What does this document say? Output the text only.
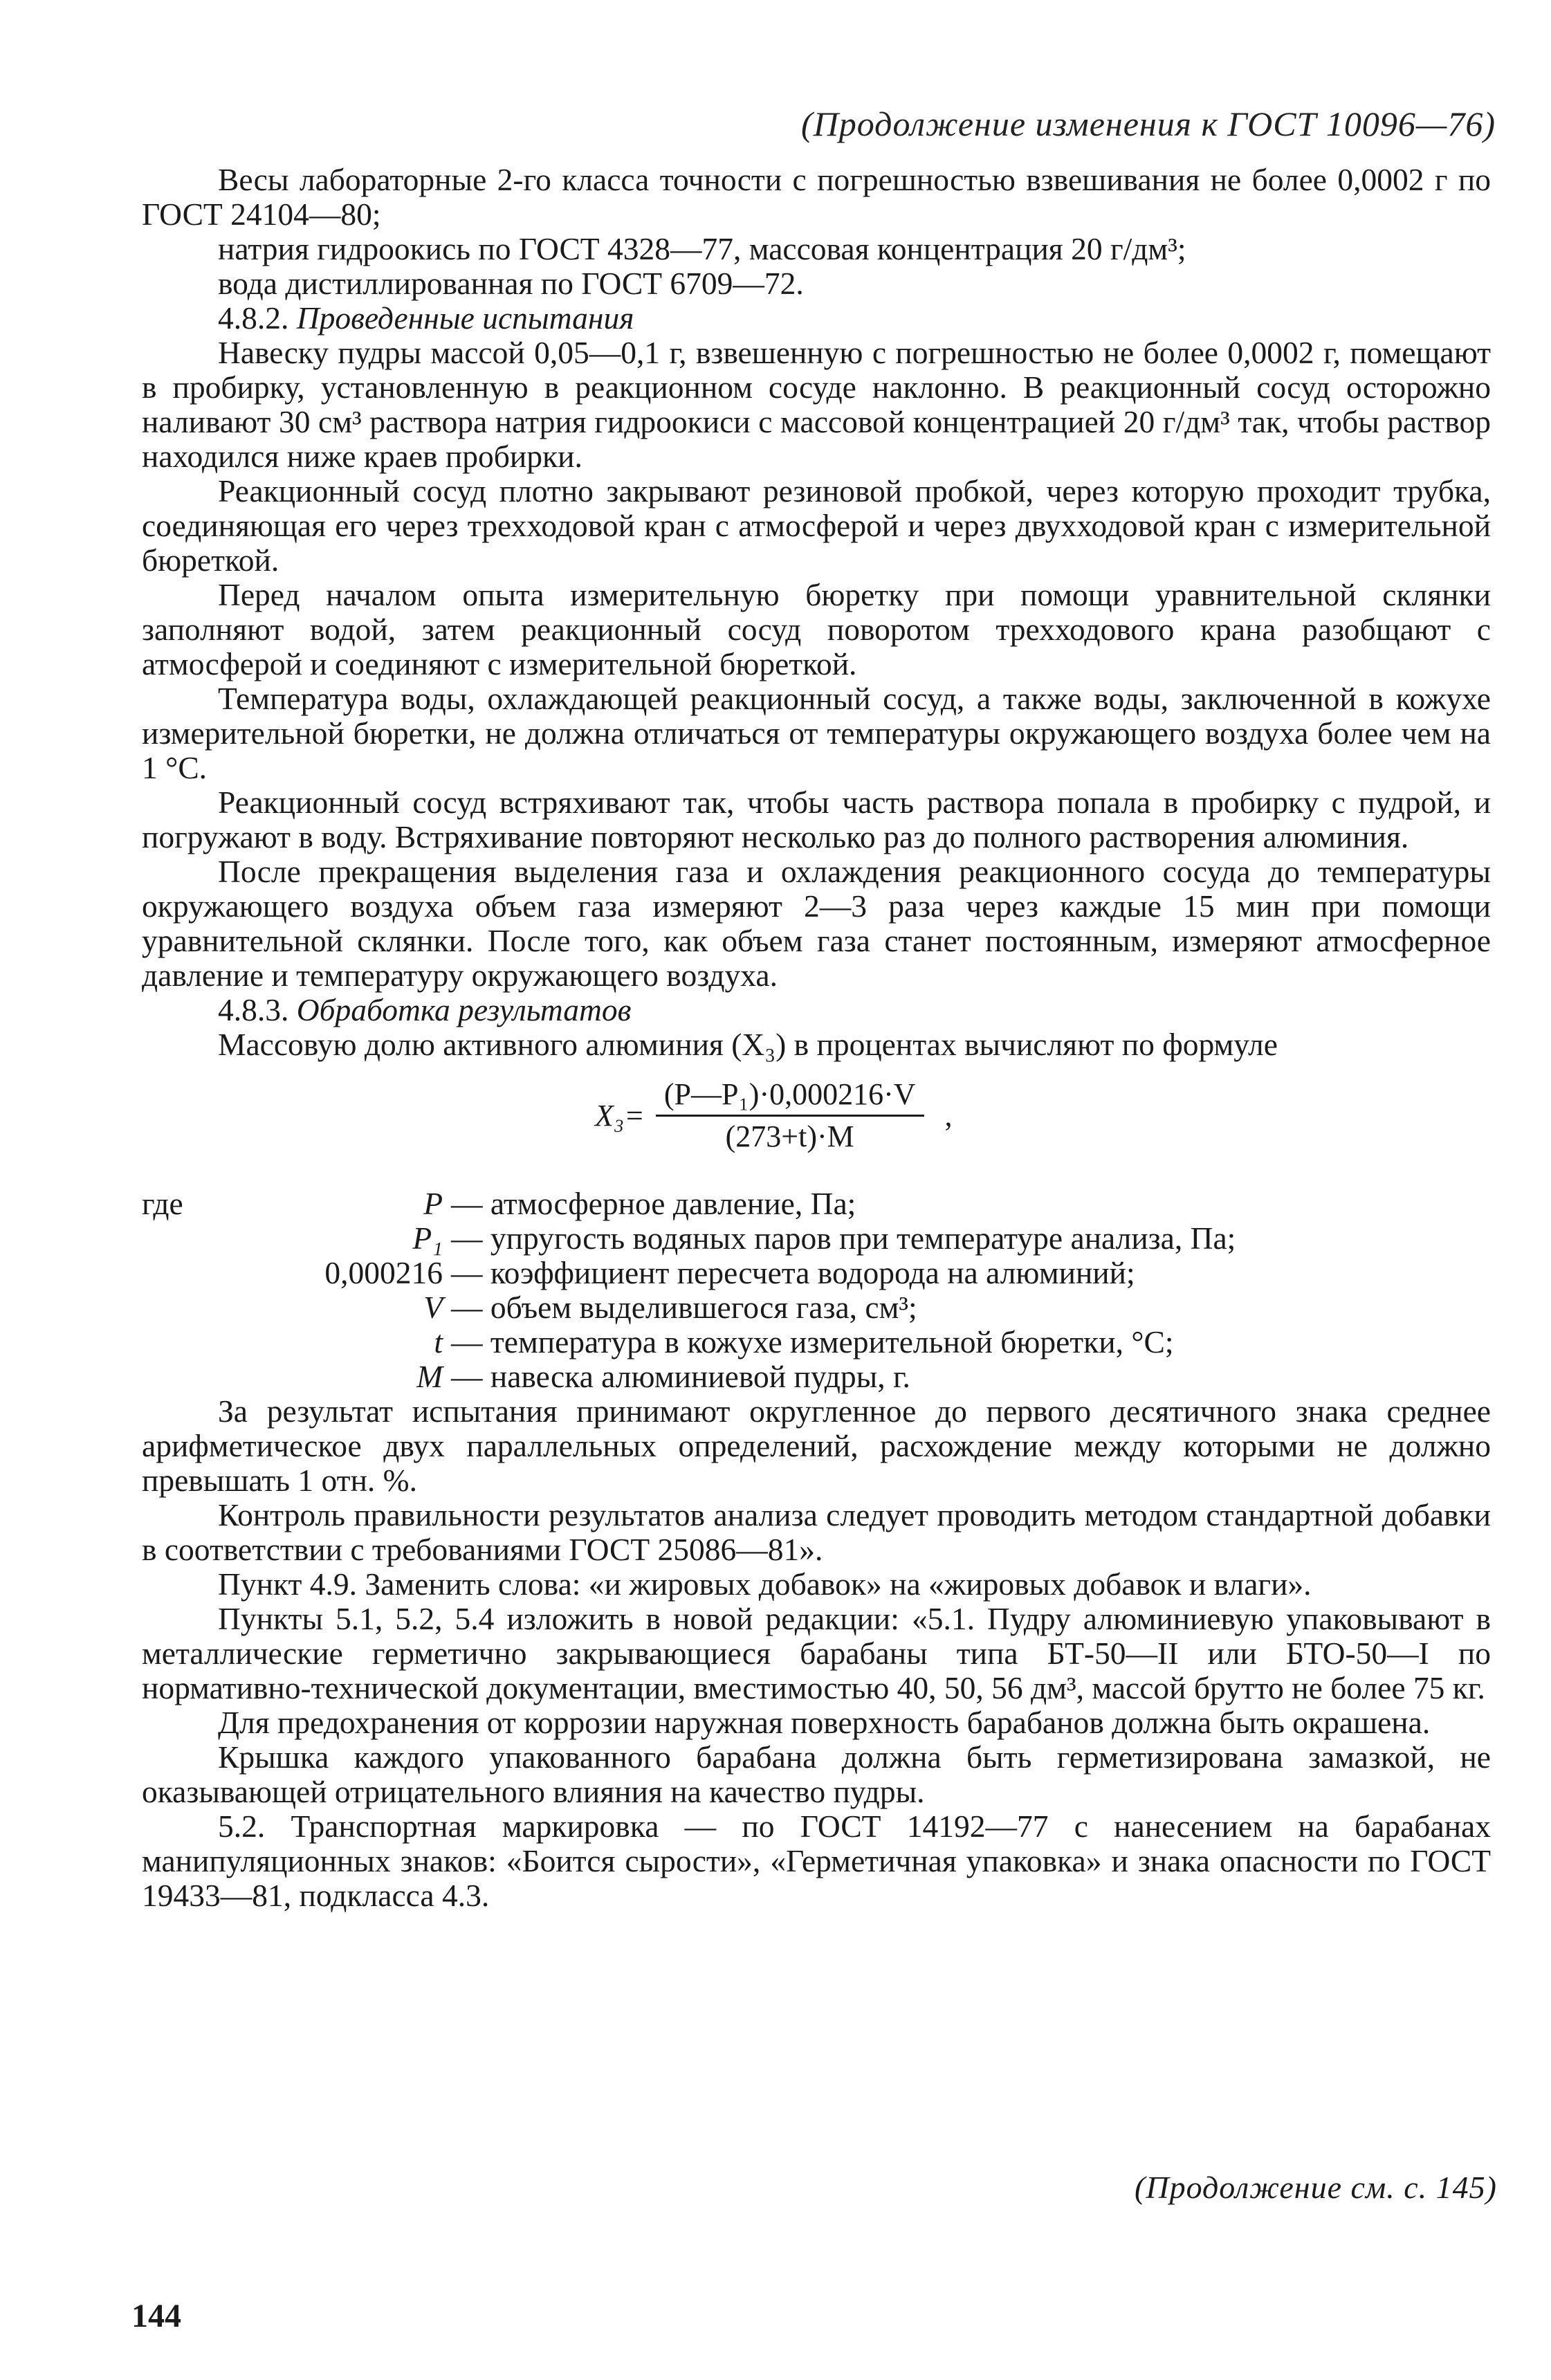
(Продолжение изменения к ГОСТ 10096—76)

Весы лабораторные 2-го класса точности с погрешностью взвешивания не более 0,0002 г по ГОСТ 24104—80;

натрия гидроокись по ГОСТ 4328—77, массовая концентрация 20 г/дм³;

вода дистиллированная по ГОСТ 6709—72.

4.8.2. Проведенные испытания

Навеску пудры массой 0,05—0,1 г, взвешенную с погрешностью не более 0,0002 г, помещают в пробирку, установленную в реакционном сосуде наклонно. В реакционный сосуд осторожно наливают 30 см³ раствора натрия гидроокиси с массовой концентрацией 20 г/дм³ так, чтобы раствор находился ниже краев пробирки.

Реакционный сосуд плотно закрывают резиновой пробкой, через которую проходит трубка, соединяющая его через трехходовой кран с атмосферой и через двухходовой кран с измерительной бюреткой.

Перед началом опыта измерительную бюретку при помощи уравнительной склянки заполняют водой, затем реакционный сосуд поворотом трехходового крана разобщают с атмосферой и соединяют с измерительной бюреткой.

Температура воды, охлаждающей реакционный сосуд, а также воды, заключенной в кожухе измерительной бюретки, не должна отличаться от температуры окружающего воздуха более чем на 1 °С.

Реакционный сосуд встряхивают так, чтобы часть раствора попала в пробирку с пудрой, и погружают в воду. Встряхивание повторяют несколько раз до полного растворения алюминия.

После прекращения выделения газа и охлаждения реакционного сосуда до температуры окружающего воздуха объем газа измеряют 2—3 раза через каждые 15 мин при помощи уравнительной склянки. После того, как объем газа станет постоянным, измеряют атмосферное давление и температуру окружающего воздуха.

4.8.3. Обработка результатов

Массовую долю активного алюминия (X₃) в процентах вычисляют по формуле

$X_3= \frac{\text{(P—P₁)·0,000216·V}}{(273+t)\cdot M}$ ,
где	P — атмосферное давление, Па;
P₁ — упругость водяных паров при температуре анализа, Па;
0,000216 — коэффициент пересчета водорода на алюминий;
V — объем выделившегося газа, см³;
t — температура в кожухе измерительной бюретки, °С;
M — навеска алюминиевой пудры, г.

За результат испытания принимают округленное до первого десятичного знака среднее арифметическое двух параллельных определений, расхождение между которыми не должно превышать 1 отн. %.

Контроль правильности результатов анализа следует проводить методом стандартной добавки в соответствии с требованиями ГОСТ 25086—81».

Пункт 4.9. Заменить слова: «и жировых добавок» на «жировых добавок и влаги».

Пункты 5.1, 5.2, 5.4 изложить в новой редакции: «5.1. Пудру алюминиевую упаковывают в металлические герметично закрывающиеся барабаны типа БТ-50—II или БТО-50—I по нормативно-технической документации, вместимостью 40, 50, 56 дм³, массой брутто не более 75 кг.

Для предохранения от коррозии наружная поверхность барабанов должна быть окрашена.

Крышка каждого упакованного барабана должна быть герметизирована замазкой, не оказывающей отрицательного влияния на качество пудры.

5.2. Транспортная маркировка — по ГОСТ 14192—77 с нанесением на барабанах манипуляционных знаков: «Боится сырости», «Герметичная упаковка» и знака опасности по ГОСТ 19433—81, подкласса 4.3.

(Продолжение см. с. 145)
144
